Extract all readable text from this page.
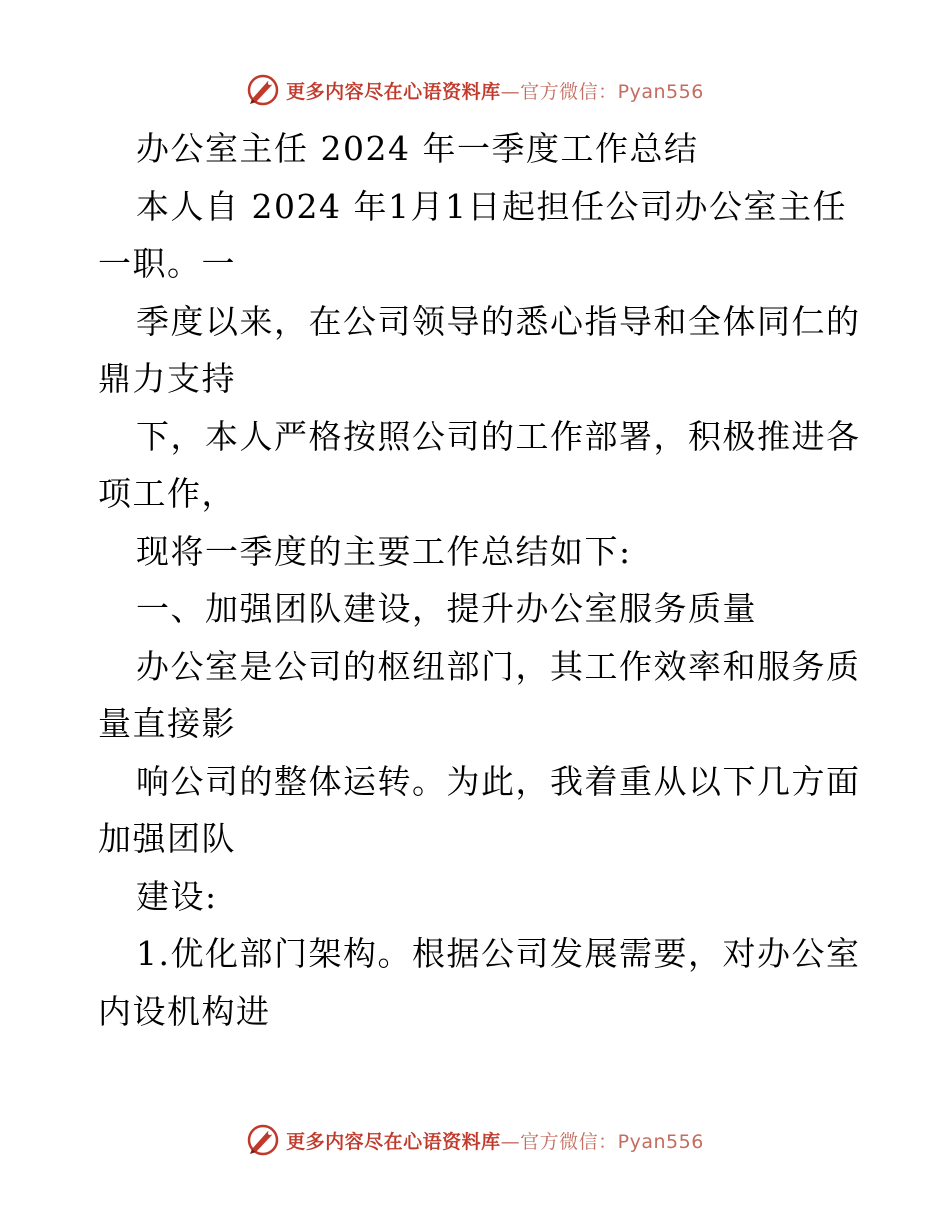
更多内容尽在心语资料库 —官方微信：Pyan556
办公室主任 2024 年一季度工作总结
本人自 2024 年1月1日起担任公司办公室主任
一职。一
季度以来，在公司领导的悉心指导和全体同仁的
鼎力支持
下，本人严格按照公司的工作部署，积极推进各
项工作，
现将一季度的主要工作总结如下:
一、加强团队建设，提升办公室服务质量
办公室是公司的枢纽部门，其工作效率和服务质
量直接影
响公司的整体运转。为此，我着重从以下几方面
加强团队
建设:
1.优化部门架构。根据公司发展需要，对办公室
内设机构进
更多内容尽在心语资料库 —官方微信：Pyan556
